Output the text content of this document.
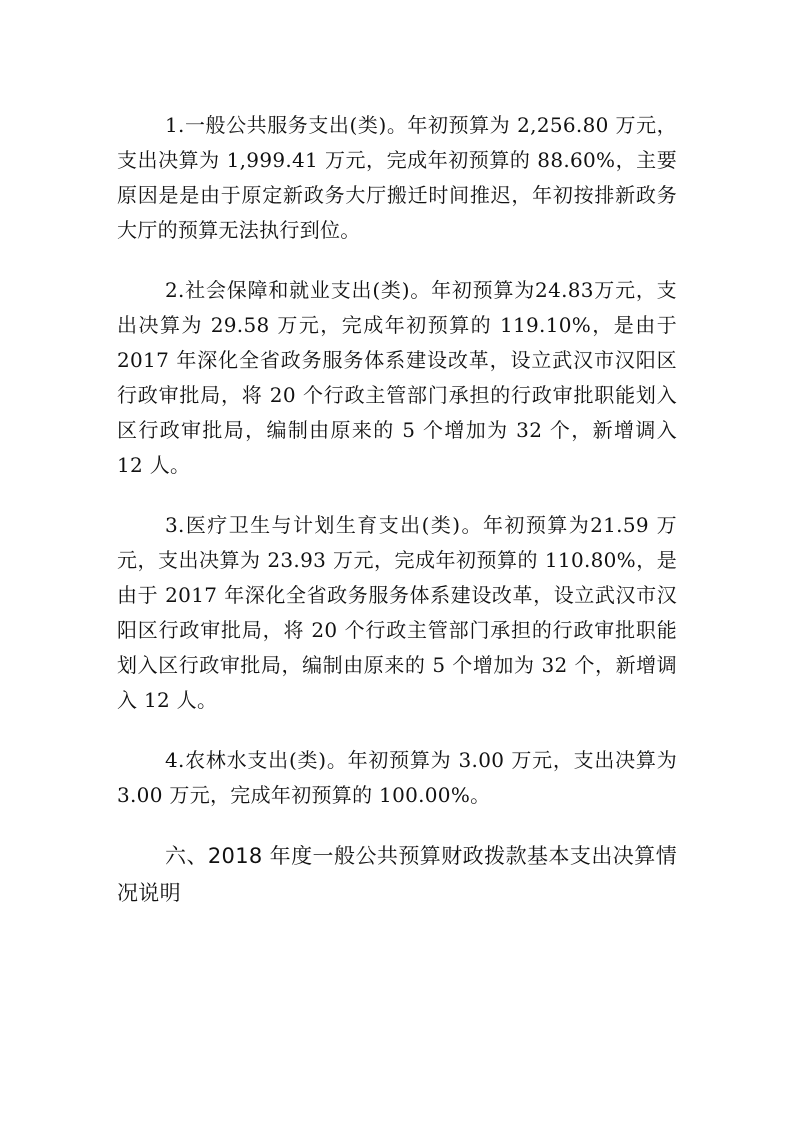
1.一般公共服务支出(类)。年初预算为 2,256.80 万元，支出决算为 1,999.41 万元，完成年初预算的 88.60%，主要　　原因是是由于原定新政务大厅搬迁时间推迟，年初按排新政务大厅的预算无法执行到位。

2.社会保障和就业支出(类)。年初预算为24.83万元，支出决算为 29.58 万元，完成年初预算的 119.10%，是由于 2017 年深化全省政务服务体系建设改革，设立武汉市汉阳区行政审批局，将 20 个行政主管部门承担的行政审批职能划入区行政审批局，编制由原来的 5 个增加为 32 个，新增调入 12 人。

3.医疗卫生与计划生育支出(类)。年初预算为21.59 万元，支出决算为 23.93 万元，完成年初预算的 110.80%，是由于 2017 年深化全省政务服务体系建设改革，设立武汉市汉阳区行政审批局，将 20 个行政主管部门承担的行政审批职能划入区行政审批局，编制由原来的 5 个增加为 32 个，新增调入 12 人。

4.农林水支出(类)。年初预算为 3.00 万元，支出决算为 3.00 万元，完成年初预算的 100.00%。

六、2018 年度一般公共预算财政拨款基本支出决算情况说明
